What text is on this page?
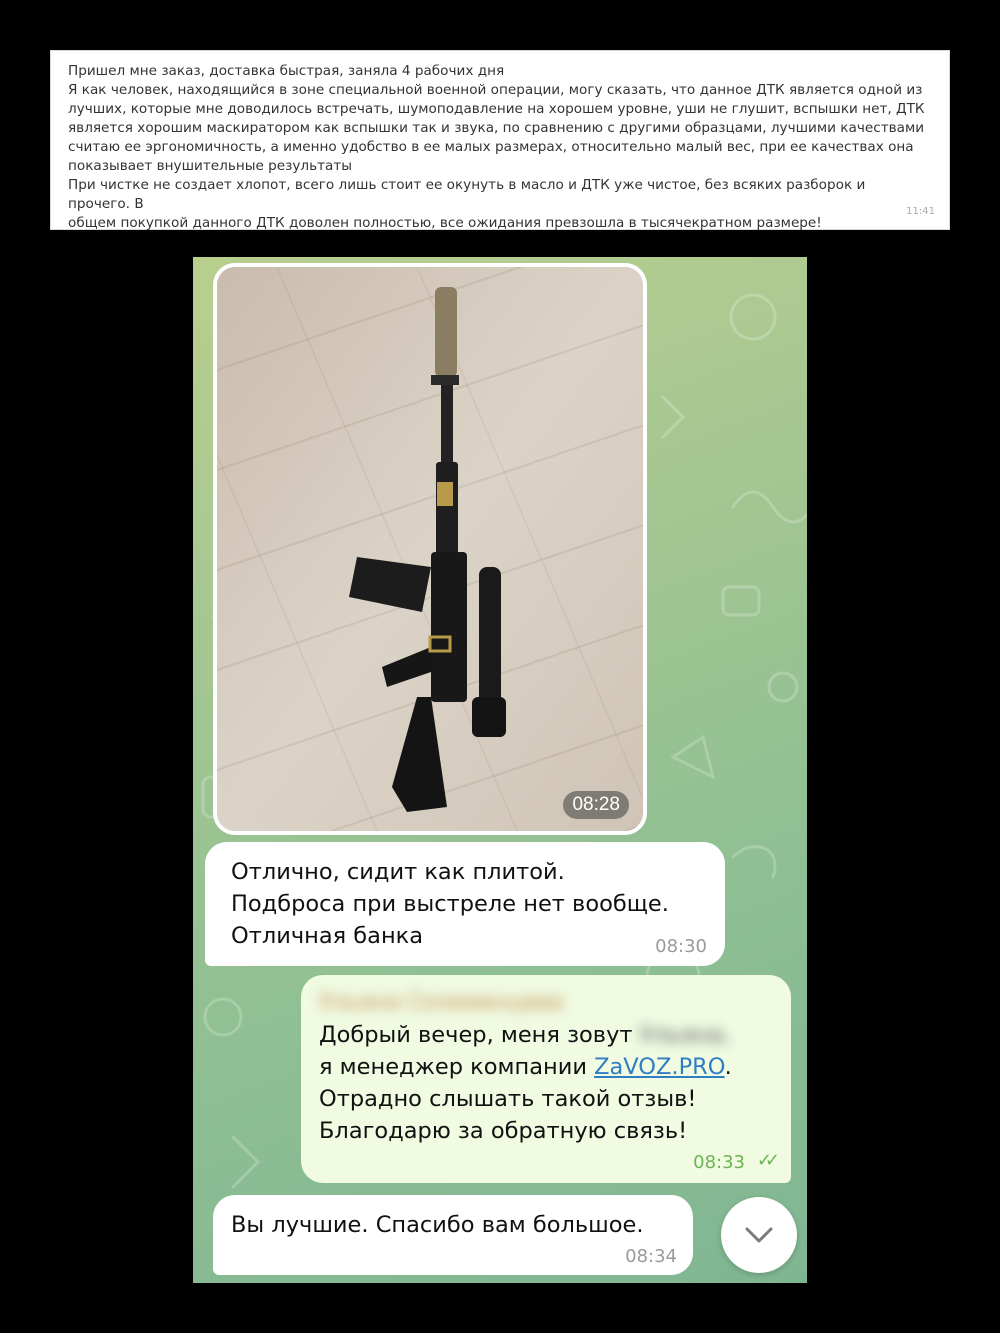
Пришел мне заказ, доставка быстрая, заняла 4 рабочих дня

Я как человек, находящийся в зоне специальной военной операции, могу сказать, что данное ДТК является одной из

лучших, которые мне доводилось встречать, шумоподавление на хорошем уровне, уши не глушит, вспышки нет, ДТК

является хорошим маскиратором как вспышки так и звука, по сравнению с другими образцами, лучшими качествами

считаю ее эргономичность, а именно удобство в ее малых размерах, относительно малый вес, при ее качествах она

показывает внушительные результаты

При чистке не создает хлопот, всего лишь стоит ее окунуть в масло и ДТК уже чистое, без всяких разборок и прочего. В

общем покупкой данного ДТК доволен полностью, все ожидания превзошла в тысячекратном размере!

11:41
08:28
Отлично, сидит как плитой.
Подброса при выстреле нет вообще.
Отличная банка	08:30
Ульяна Соломенцева
Добрый вечер, меня зовут Ульяна,
я менеджер компании ZaVOZ.PRO.
Отрадно слышать такой отзыв!
Благодарю за обратную связь!
08:33 ✓✓
Вы лучшие. Спасибо вам большое.
08:34
